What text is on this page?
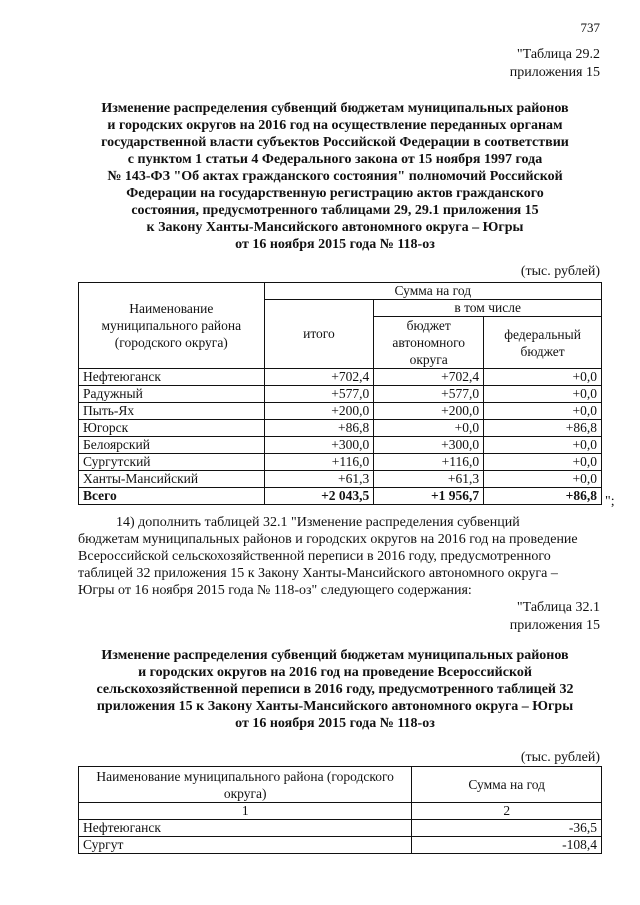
737
"Таблица 29.2
приложения 15
Изменение распределения субвенций бюджетам муниципальных районов
и городских округов на 2016 год на осуществление переданных органам
государственной власти субъектов Российской Федерации в соответствии
с пунктом 1 статьи 4 Федерального закона от 15 ноября 1997 года
№ 143-ФЗ "Об актах гражданского состояния" полномочий Российской
Федерации на государственную регистрацию актов гражданского
состояния, предусмотренного таблицами 29, 29.1 приложения 15
к Закону Ханты-Мансийского автономного округа – Югры
от 16 ноября 2015 года № 118-оз
(тыс. рублей)
Наименование муниципального района (городского округа)	Сумма на год		
	итого	в том числе	
		бюджет автономного округа	федеральный бюджет
Нефтеюганск	+702,4	+702,4	+0,0
Радужный	+577,0	+577,0	+0,0
Пыть-Ях	+200,0	+200,0	+0,0
Югорск	+86,8	+0,0	+86,8
Белоярский	+300,0	+300,0	+0,0
Сургутский	+116,0	+116,0	+0,0
Ханты-Мансийский	+61,3	+61,3	+0,0
Всего	+2 043,5	+1 956,7	+86,8 ";
14) дополнить таблицей 32.1 "Изменение распределения субвенций
бюджетам муниципальных районов и городских округов на 2016 год на проведение
Всероссийской сельскохозяйственной переписи в 2016 году, предусмотренного
таблицей 32 приложения 15 к Закону Ханты-Мансийского автономного округа –
Югры от 16 ноября 2015 года № 118-оз" следующего содержания:
"Таблица 32.1
приложения 15
Изменение распределения субвенций бюджетам муниципальных районов
и городских округов на 2016 год на проведение Всероссийской
сельскохозяйственной переписи в 2016 году, предусмотренного таблицей 32
приложения 15 к Закону Ханты-Мансийского автономного округа – Югры
от 16 ноября 2015 года № 118-оз
(тыс. рублей)
Наименование муниципального района (городского округа)	Сумма на год
1	2
Нефтеюганск	-36,5
Сургут	-108,4
